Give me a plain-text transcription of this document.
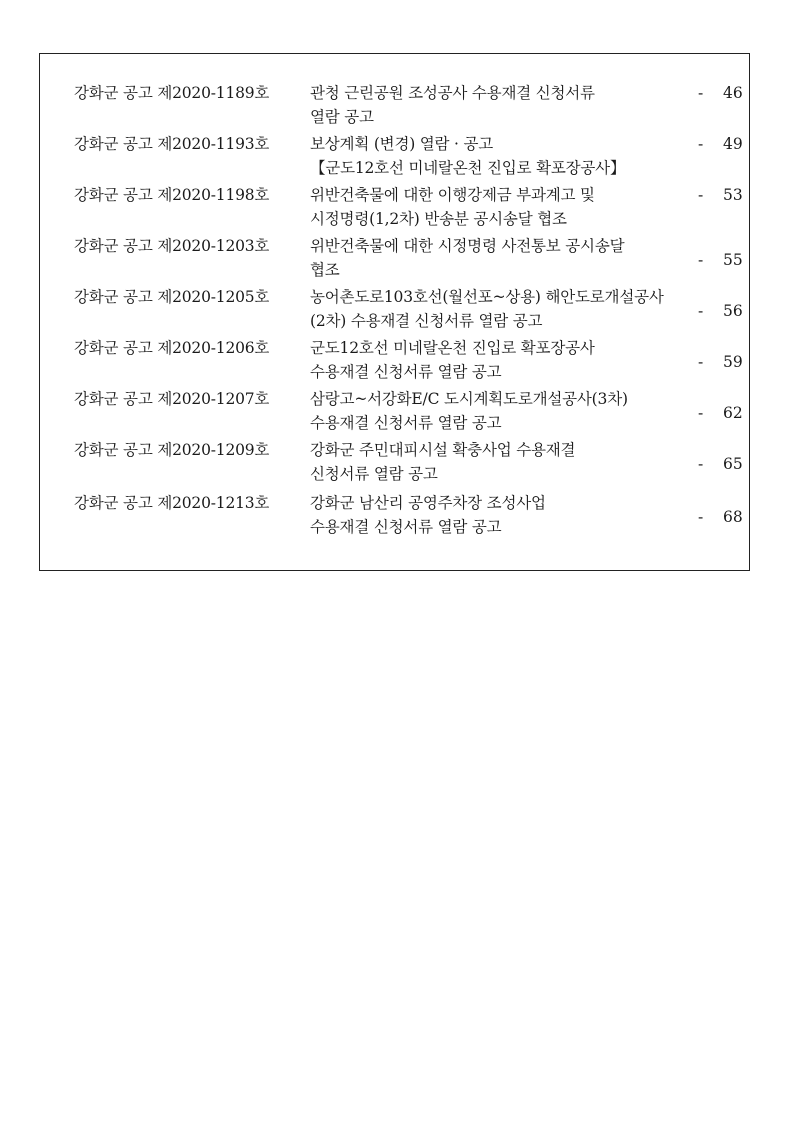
강화군 공고 제2020-1189호	관청 근린공원 조성공사 수용재결 신청서류
열람 공고
- 46
강화군 공고 제2020-1193호	보상계획 (변경) 열람 · 공고
【군도12호선 미네랄온천 진입로 확포장공사】
- 49
강화군 공고 제2020-1198호	위반건축물에 대한 이행강제금 부과계고 및
시정명령(1,2차) 반송분 공시송달 협조
- 53
강화군 공고 제2020-1203호	위반건축물에 대한 시정명령 사전통보 공시송달
협조
- 55
강화군 공고 제2020-1205호	농어촌도로103호선(월선포~상용) 해안도로개설공사
(2차) 수용재결 신청서류 열람 공고
- 56
강화군 공고 제2020-1206호	군도12호선 미네랄온천 진입로 확포장공사
수용재결 신청서류 열람 공고
- 59
강화군 공고 제2020-1207호	삼랑고~서강화E/C 도시계획도로개설공사(3차)
수용재결 신청서류 열람 공고
- 62
강화군 공고 제2020-1209호	강화군 주민대피시설 확충사업 수용재결
신청서류 열람 공고
- 65
강화군 공고 제2020-1213호	강화군 남산리 공영주차장 조성사업
수용재결 신청서류 열람 공고
- 68
